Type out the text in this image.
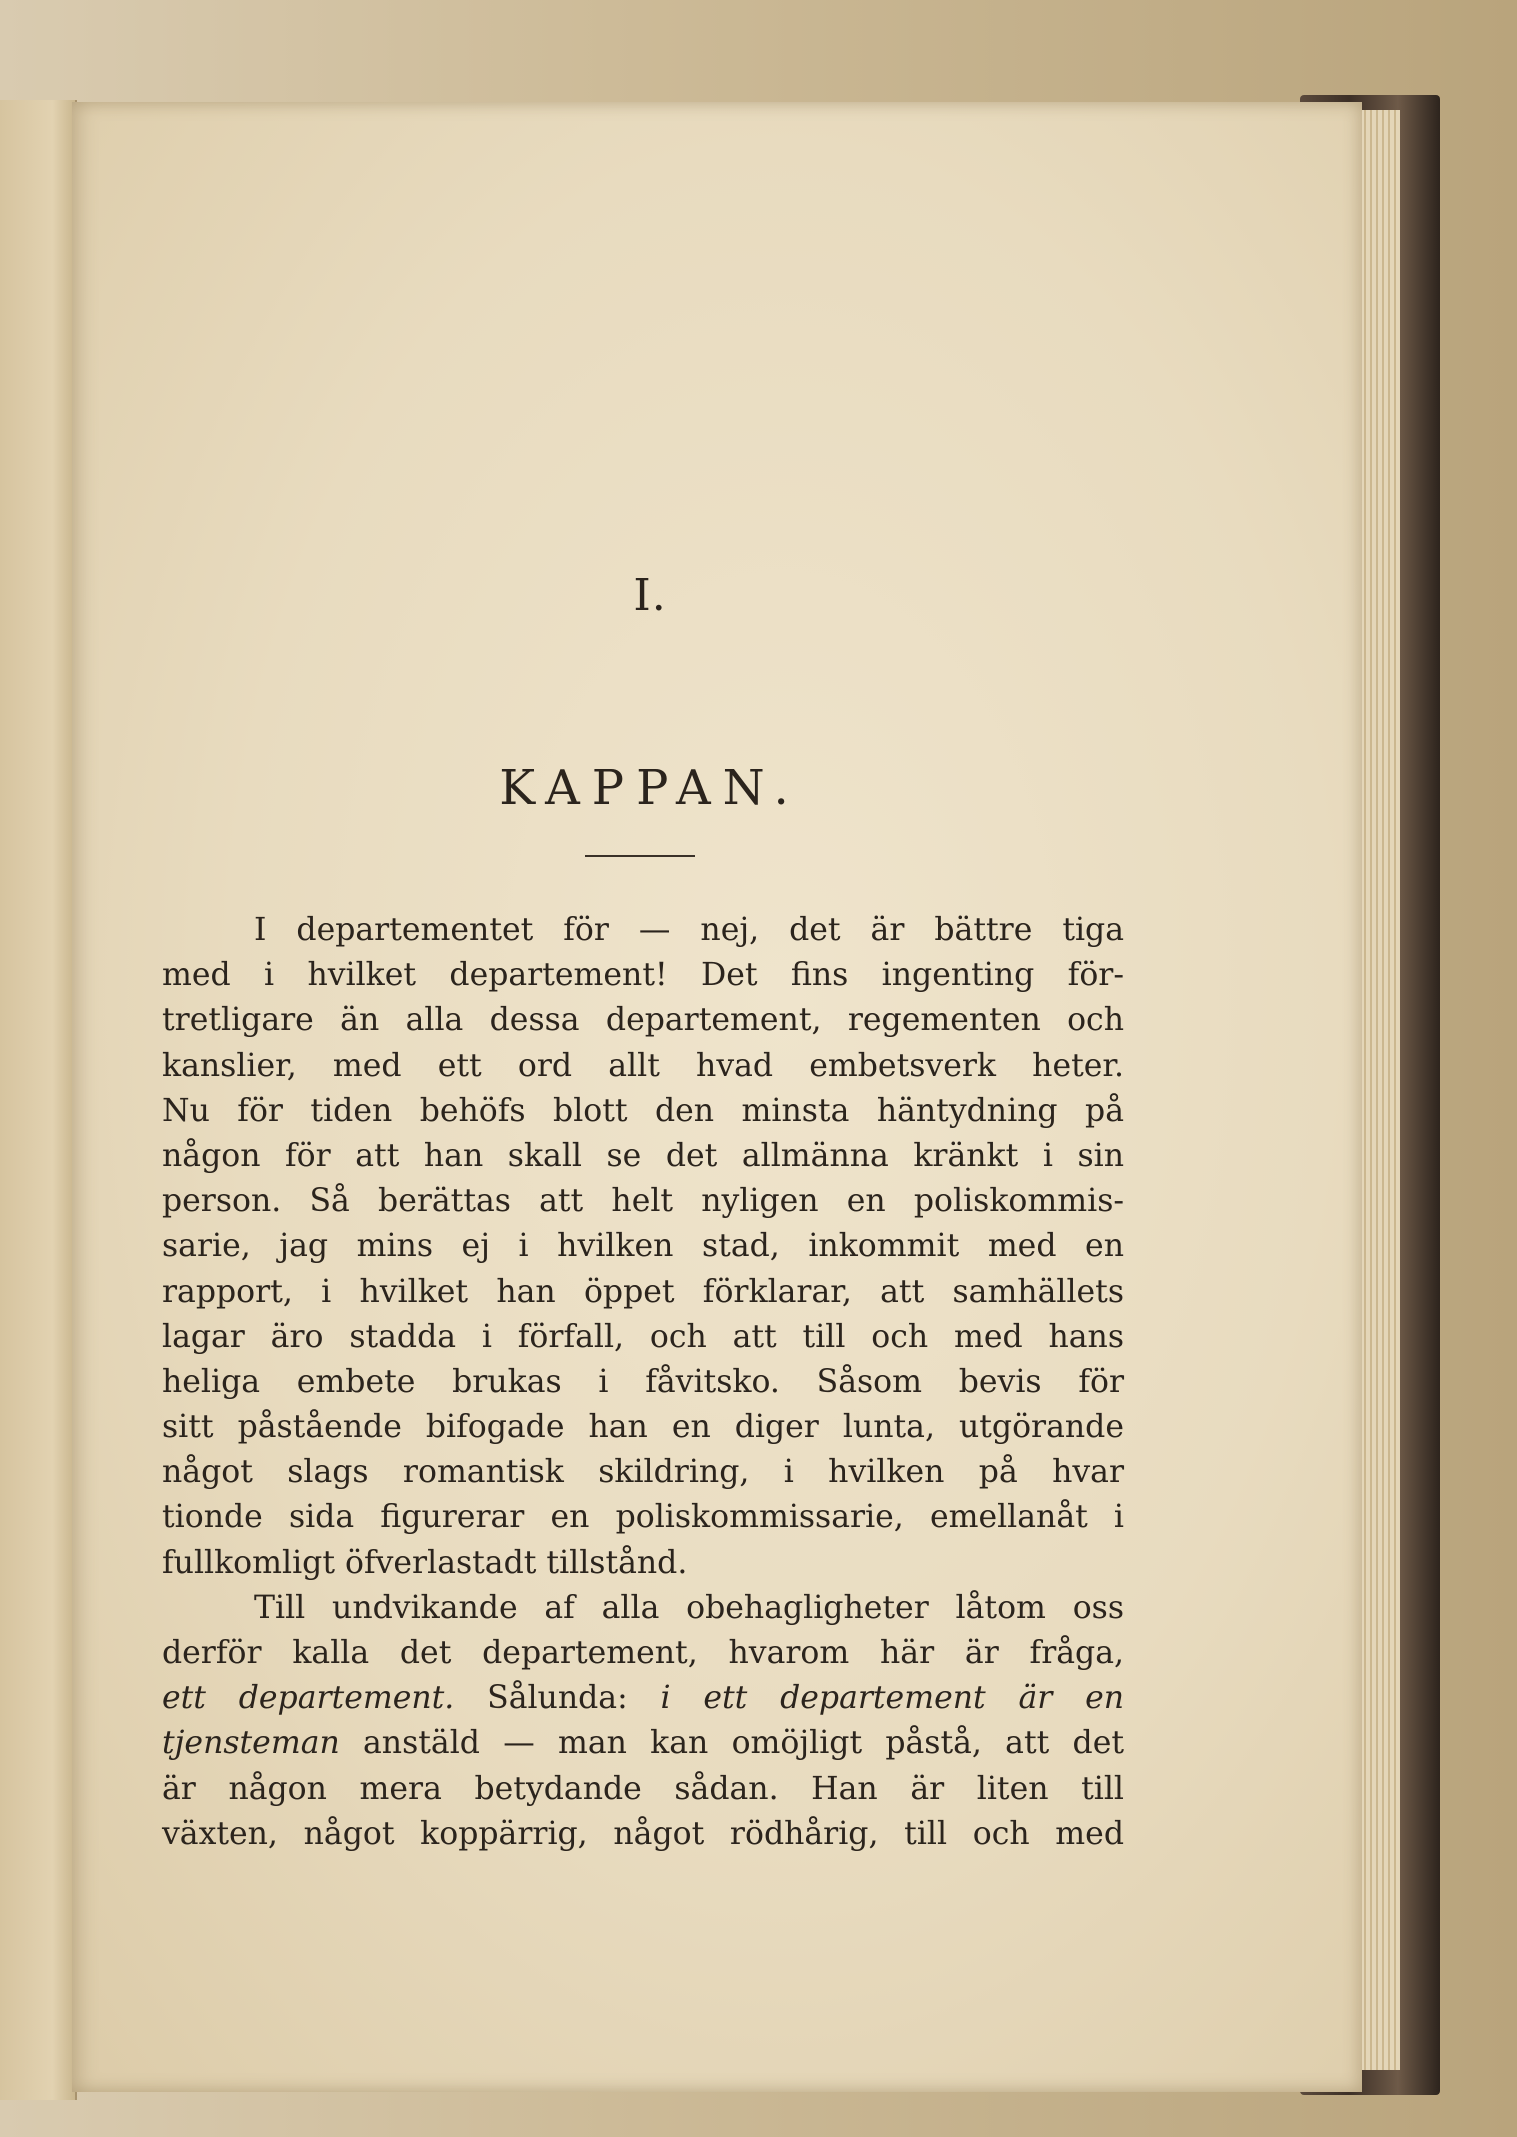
I.
KAPPAN.
I departementet för — nej, det är bättre tiga
med i hvilket departement! Det fins ingenting för-
tretligare än alla dessa departement, regementen och
kanslier, med ett ord allt hvad embetsverk heter.
Nu för tiden behöfs blott den minsta häntydning på
någon för att han skall se det allmänna kränkt i sin
person. Så berättas att helt nyligen en poliskommis-
sarie, jag mins ej i hvilken stad, inkommit med en
rapport, i hvilket han öppet förklarar, att samhällets
lagar äro stadda i förfall, och att till och med hans
heliga embete brukas i fåvitsko. Såsom bevis för
sitt påstående bifogade han en diger lunta, utgörande
något slags romantisk skildring, i hvilken på hvar
tionde sida figurerar en poliskommissarie, emellanåt i
fullkomligt öfverlastadt tillstånd.
Till undvikande af alla obehagligheter låtom oss
derför kalla det departement, hvarom här är fråga,
ett departement. Sålunda: i ett departement är en
tjensteman anstäld — man kan omöjligt påstå, att det
är någon mera betydande sådan. Han är liten till
växten, något koppärrig, något rödhårig, till och med
